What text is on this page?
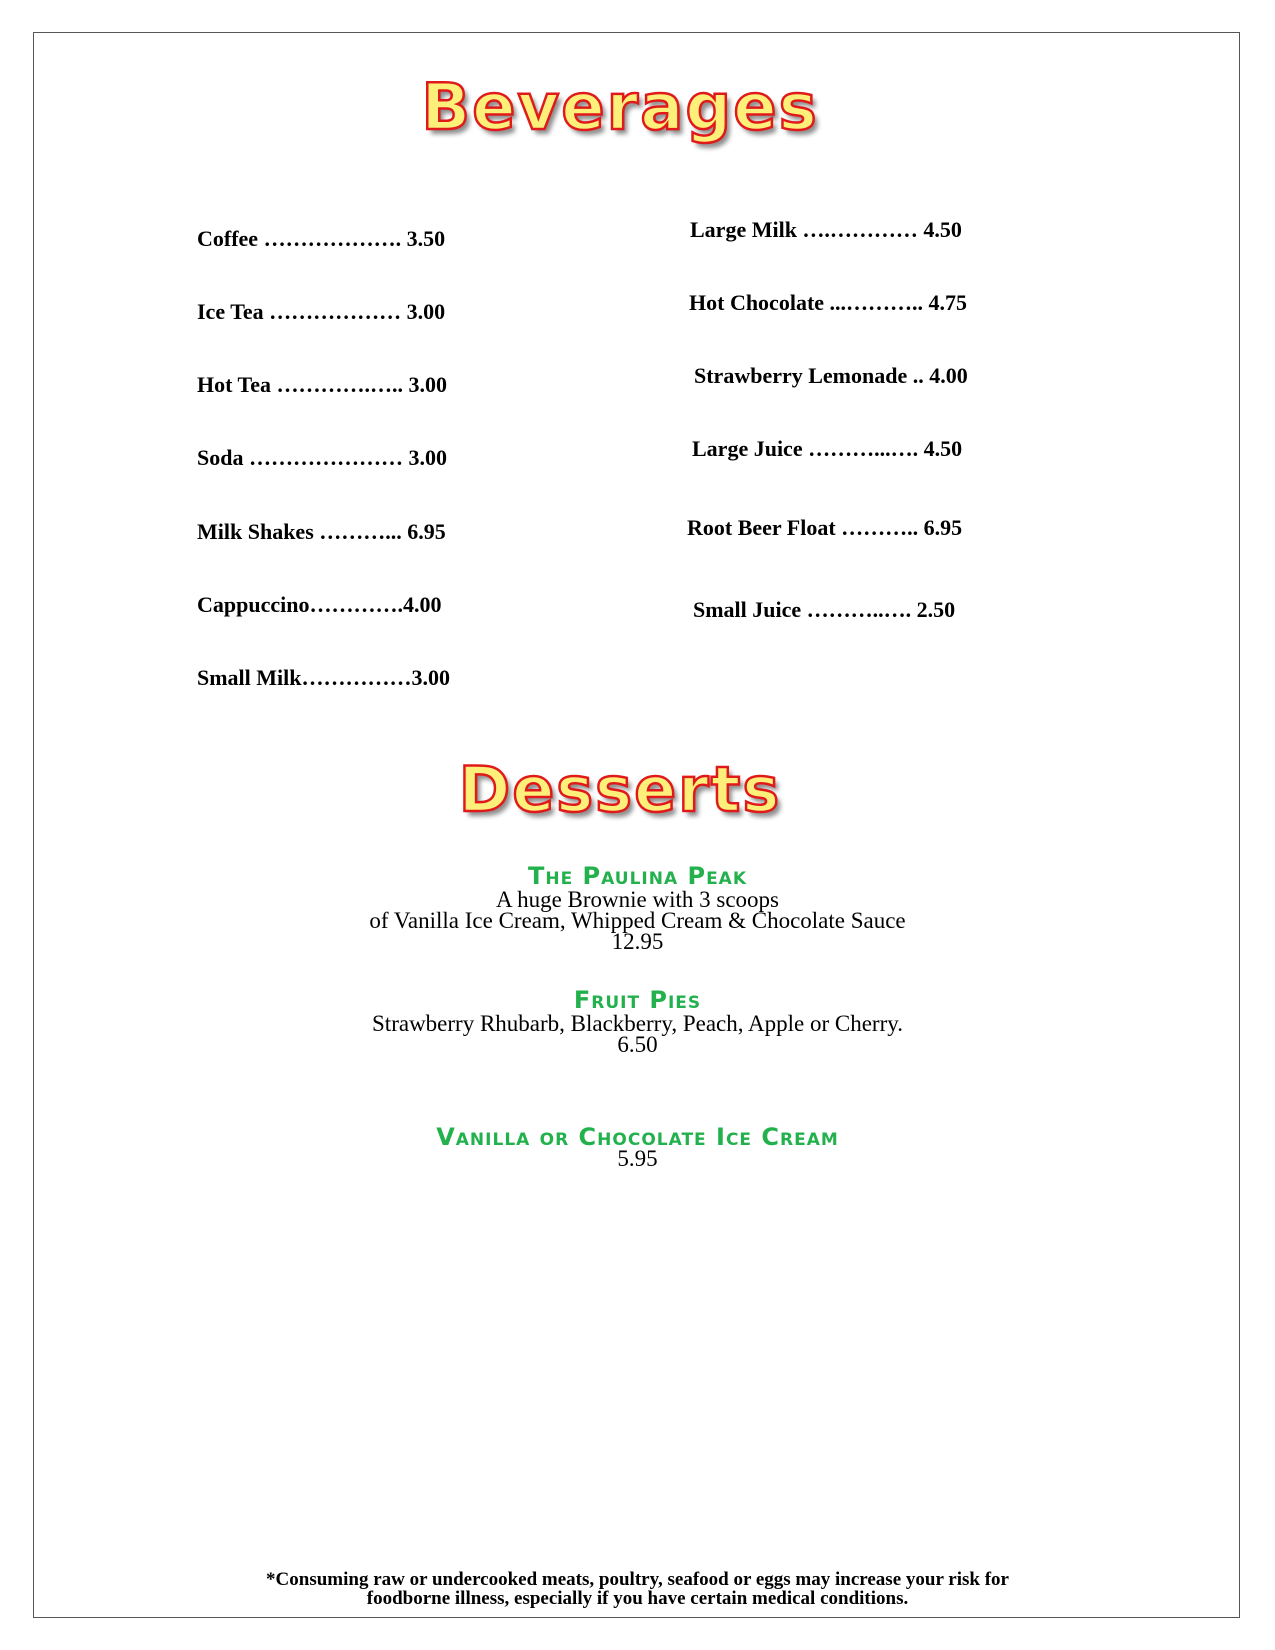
Beverages
Coffee ………………. 3.50
Ice Tea ……………… 3.00
Hot Tea ………….….. 3.00
Soda ………………… 3.00
Milk Shakes ………... 6.95
Cappuccino………….4.00
Small Milk……………3.00
Large Milk ….………… 4.50
Hot Chocolate ...……….. 4.75
Strawberry Lemonade .. 4.00
Large Juice ………...…. 4.50
Root Beer Float ……….. 6.95
Small Juice ………..…. 2.50
Desserts
The Paulina Peak
A huge Brownie with 3 scoops
of Vanilla Ice Cream, Whipped Cream & Chocolate Sauce
12.95
Fruit Pies
Strawberry Rhubarb, Blackberry, Peach, Apple or Cherry.
6.50
Vanilla or Chocolate Ice Cream
5.95
*Consuming raw or undercooked meats, poultry, seafood or eggs may increase your risk for
foodborne illness, especially if you have certain medical conditions.
